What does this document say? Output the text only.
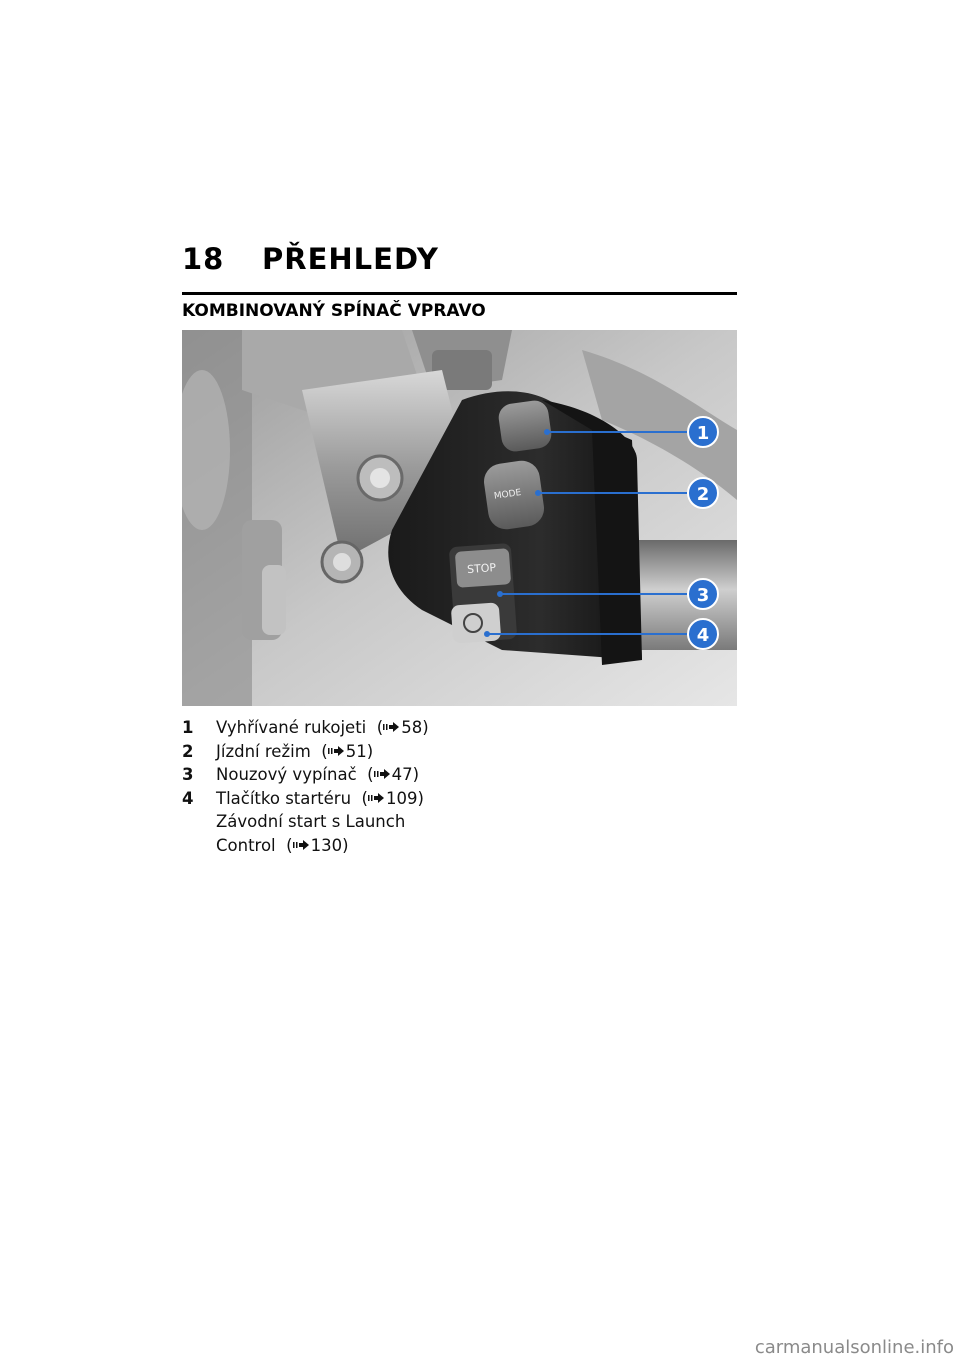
18 PŘEHLEDY
KOMBINOVANÝ SPÍNAČ VPRAVO
MODE
STOP
1
2
3
4
1	Vyhřívané rukojeti  ( 58)
2	Jízdní režim  ( 51)
3	Nouzový vypínač  ( 47)
4	Tlačítko startéru  ( 109)
Závodní start s Launch
Control  ( 130)
carmanualsonline.info
